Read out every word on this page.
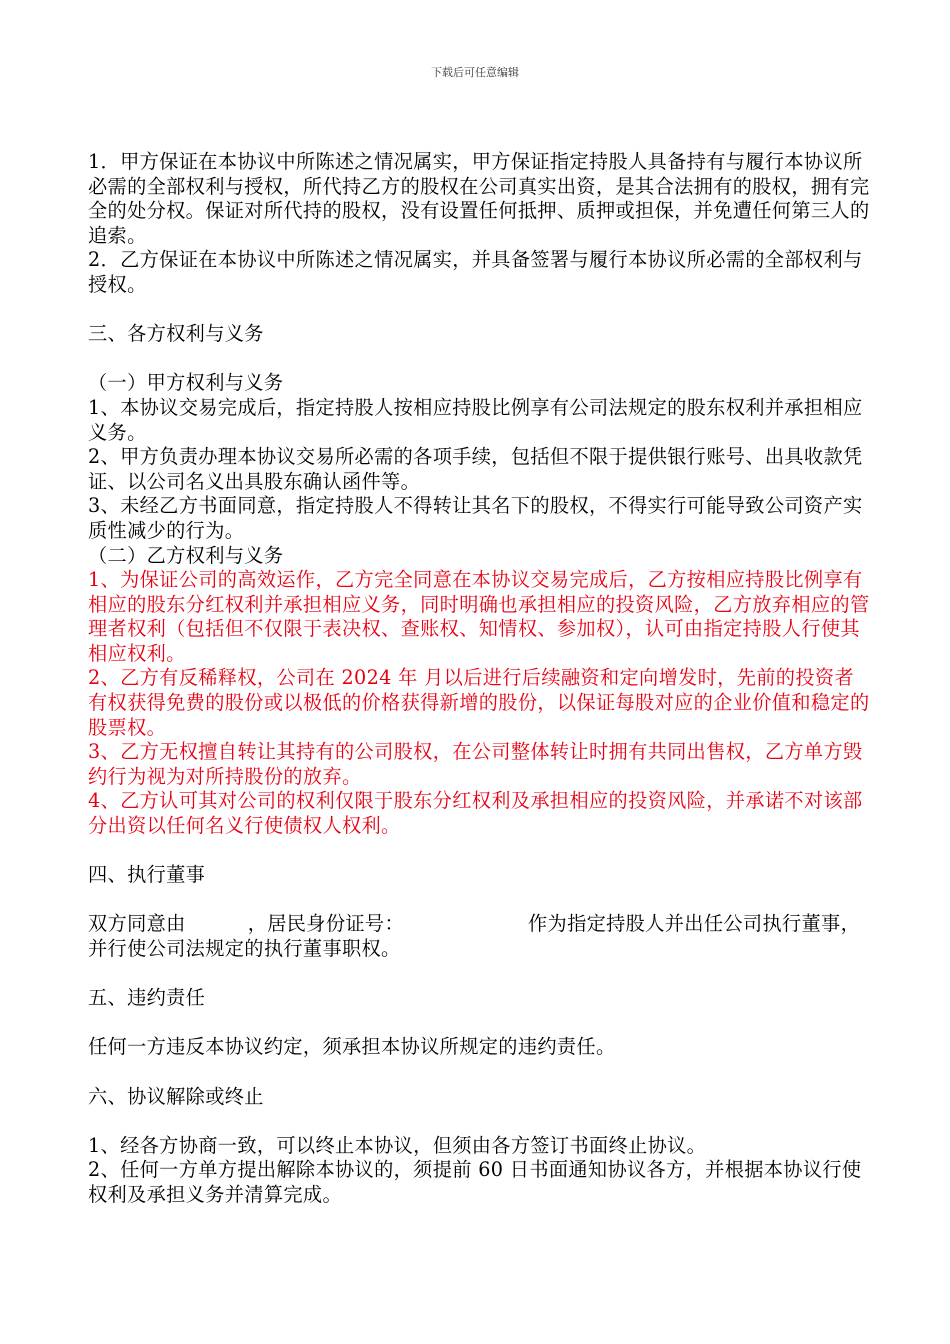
下载后可任意编辑

1．甲方保证在本协议中所陈述之情况属实，甲方保证指定持股人具备持有与履行本协议所必需的全部权利与授权，所代持乙方的股权在公司真实出资，是其合法拥有的股权，拥有完全的处分权。保证对所代持的股权，没有设置任何抵押、质押或担保，并免遭任何第三人的追索。

2．乙方保证在本协议中所陈述之情况属实，并具备签署与履行本协议所必需的全部权利与授权。

三、各方权利与义务

（一）甲方权利与义务

1、本协议交易完成后，指定持股人按相应持股比例享有公司法规定的股东权利并承担相应义务。

2、甲方负责办理本协议交易所必需的各项手续，包括但不限于提供银行账号、出具收款凭证、以公司名义出具股东确认函件等。

3、未经乙方书面同意，指定持股人不得转让其名下的股权，不得实行可能导致公司资产实质性减少的行为。

（二）乙方权利与义务

1、为保证公司的高效运作，乙方完全同意在本协议交易完成后，乙方按相应持股比例享有相应的股东分红权利并承担相应义务，同时明确也承担相应的投资风险，乙方放弃相应的管理者权利（包括但不仅限于表决权、查账权、知情权、参加权），认可由指定持股人行使其相应权利。

2、乙方有反稀释权，公司在 2024 年 月以后进行后续融资和定向增发时，先前的投资者有权获得免费的股份或以极低的价格获得新增的股份，以保证每股对应的企业价值和稳定的股票权。

3、乙方无权擅自转让其持有的公司股权，在公司整体转让时拥有共同出售权，乙方单方毁约行为视为对所持股份的放弃。

4、乙方认可其对公司的权利仅限于股东分红权利及承担相应的投资风险，并承诺不对该部分出资以任何名义行使债权人权利。

四、执行董事

双方同意由	，居民身份证号：	作为指定持股人并出任公司执行董事，并行使公司法规定的执行董事职权。

五、违约责任

任何一方违反本协议约定，须承担本协议所规定的违约责任。

六、协议解除或终止

1、经各方协商一致，可以终止本协议，但须由各方签订书面终止协议。

2、任何一方单方提出解除本协议的，须提前 60 日书面通知协议各方，并根据本协议行使权利及承担义务并清算完成。
